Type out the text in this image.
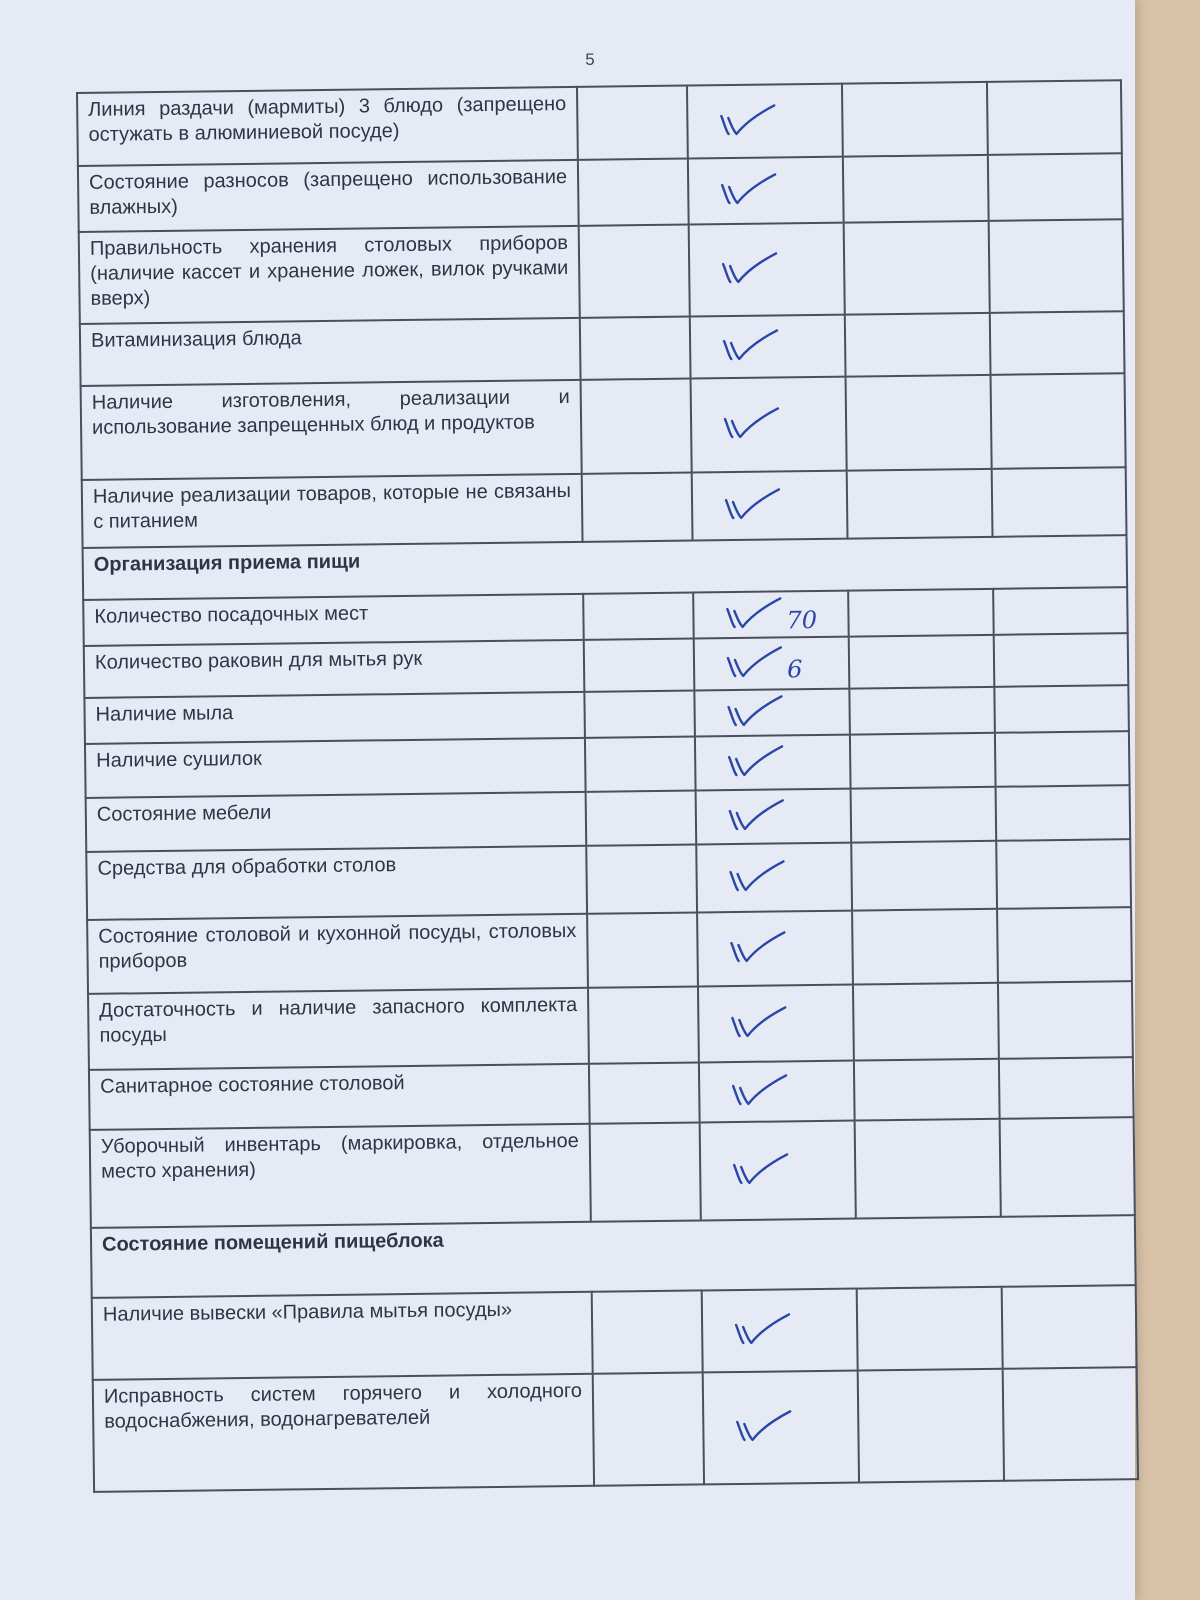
5
Линия раздачи (мармиты) 3 блюдо (запрещено остужать в алюминиевой посуде)		

Состояние разносов (запрещено использование влажных)		

Правильность хранения столовых приборов (наличие кассет и хранение ложек, вилок ручками вверх)		

Витаминизация блюда		

Наличие изготовления, реализации и использование запрещенных блюд и продуктов		

Наличие реализации товаров, которые не связаны с питанием		

Организация приема пищи				
Количество посадочных мест		70		

Количество раковин для мытья рук		6		

Наличие мыла		

Наличие сушилок		

Состояние мебели		

Средства для обработки столов		

Состояние столовой и кухонной посуды, столовых приборов		

Достаточность и наличие запасного комплекта посуды		

Санитарное состояние столовой		

Уборочный инвентарь (маркировка, отдельное место хранения)		

Состояние помещений пищеблока				
Наличие вывески «Правила мытья посуды»		

Исправность систем горячего и холодного водоснабжения, водонагревателей		
